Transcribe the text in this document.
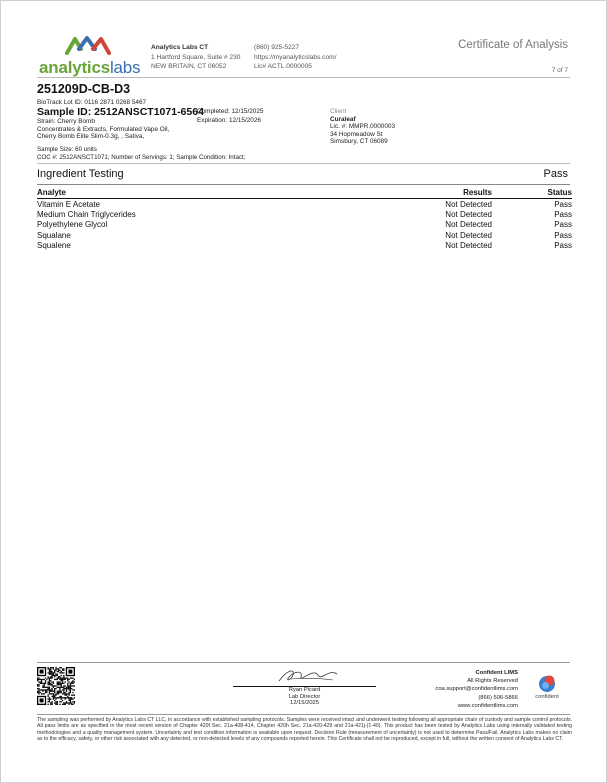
analyticslabs
Analytics Labs CT
1 Hartford Square, Suite # 230
NEW BRITAIN, CT 06052
(860) 925-5227
https://myanalyticslabs.com/
Lic# ACTL.0000005
Certificate of Analysis
7 of 7
251209D-CB-D3
BioTrack Lot ID: 0116 2871 0268 5467
Sample ID: 2512ANSCT1071-6564
Strain: Cherry Bomb
Concentrates & Extracts, Formulated Vape Oil,
Cherry Bomb Elite Slim-0.3g, , Sativa,
Completed: 12/15/2025
Expiration: 12/15/2026
Client
Curaleaf
Lic. #: MMPR.0000003
34 Hopmeadow St
Simsbury, CT 06089
Sample Size: 60 units
COC #: 2512ANSCT1071; Number of Servings: 1; Sample Condition: Intact;
Ingredient Testing	Pass
Analyte	Results	Status
Vitamin E Acetate	Not Detected	Pass
Medium Chain Triglycerides	Not Detected	Pass
Polyethylene Glycol	Not Detected	Pass
Squalane	Not Detected	Pass
Squalene	Not Detected	Pass
Ryan Picard
Lab Director
12/15/2025
Confident LIMS
All Rights Reserved
coa.support@confidentlims.com
(866) 506-5866
www.confidentlims.com
confident
The sampling was performed by Analytics Labs CT LLC, in accordance with established sampling protocols. Samples were received intact and underwent testing following all appropriate chain of custody and sample control protocols. All pass limits are as specified in the most recent version of Chapter 420f Sec. 21a-408-414, Chapter 420h Sec. 21a-420-429 and 21a-421j-(1-40). This product has been tested by Analytics Labs using internally validated testing methodologies and a quality management system. Uncertainty and test condition information is available upon request. Decision Rule (measurement of uncertainty) is not used to determine Pass/Fail. Analytics Labs makes no claim as to the efficacy, safety, or other risk associated with any detected, or non-detected levels of any compounds reported herein. This Certificate shall not be reproduced, except in full, without the written consent of Analytics Labs CT.
